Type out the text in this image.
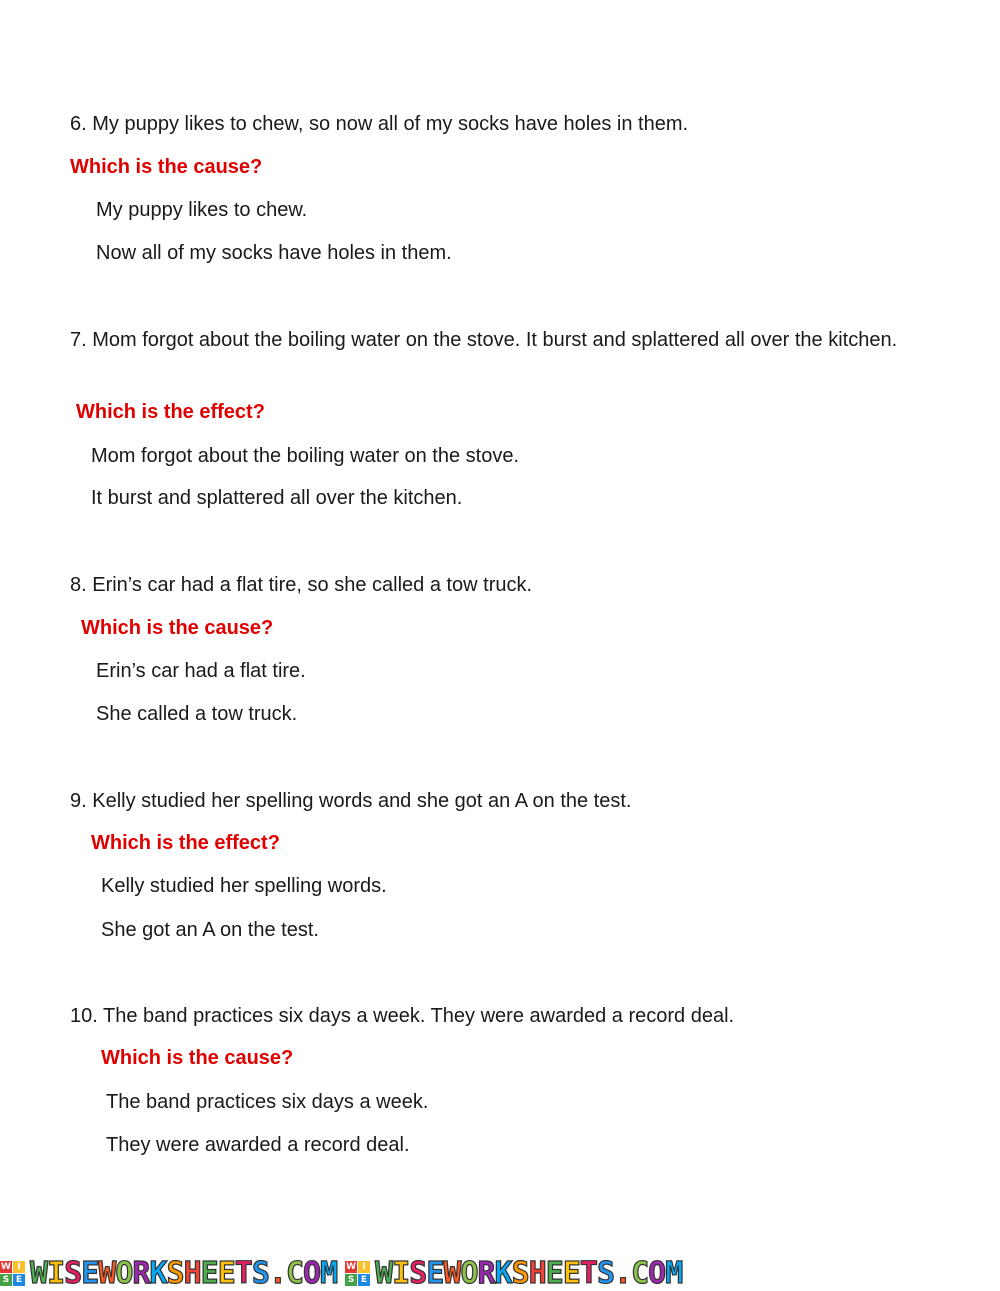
6. My puppy likes to chew, so now all of my socks have holes in them.
Which is the cause?
My puppy likes to chew.
Now all of my socks have holes in them.
7. Mom forgot about the boiling water on the stove. It burst and splattered all over the kitchen.
Which is the effect?
Mom forgot about the boiling water on the stove.
It burst and splattered all over the kitchen.
8. Erin’s car had a flat tire, so she called a tow truck.
Which is the cause?
Erin’s car had a flat tire.
She called a tow truck.
9. Kelly studied her spelling words and she got an A on the test.
Which is the effect?
Kelly studied her spelling words.
She got an A on the test.
10. The band practices six days a week. They were awarded a record deal.
Which is the cause?
The band practices six days a week.
They were awarded a record deal.
W I
S E W I S E W O R K S H E E T S . C O M W I
S E W I S E W O R K S H E E T S . C O M
